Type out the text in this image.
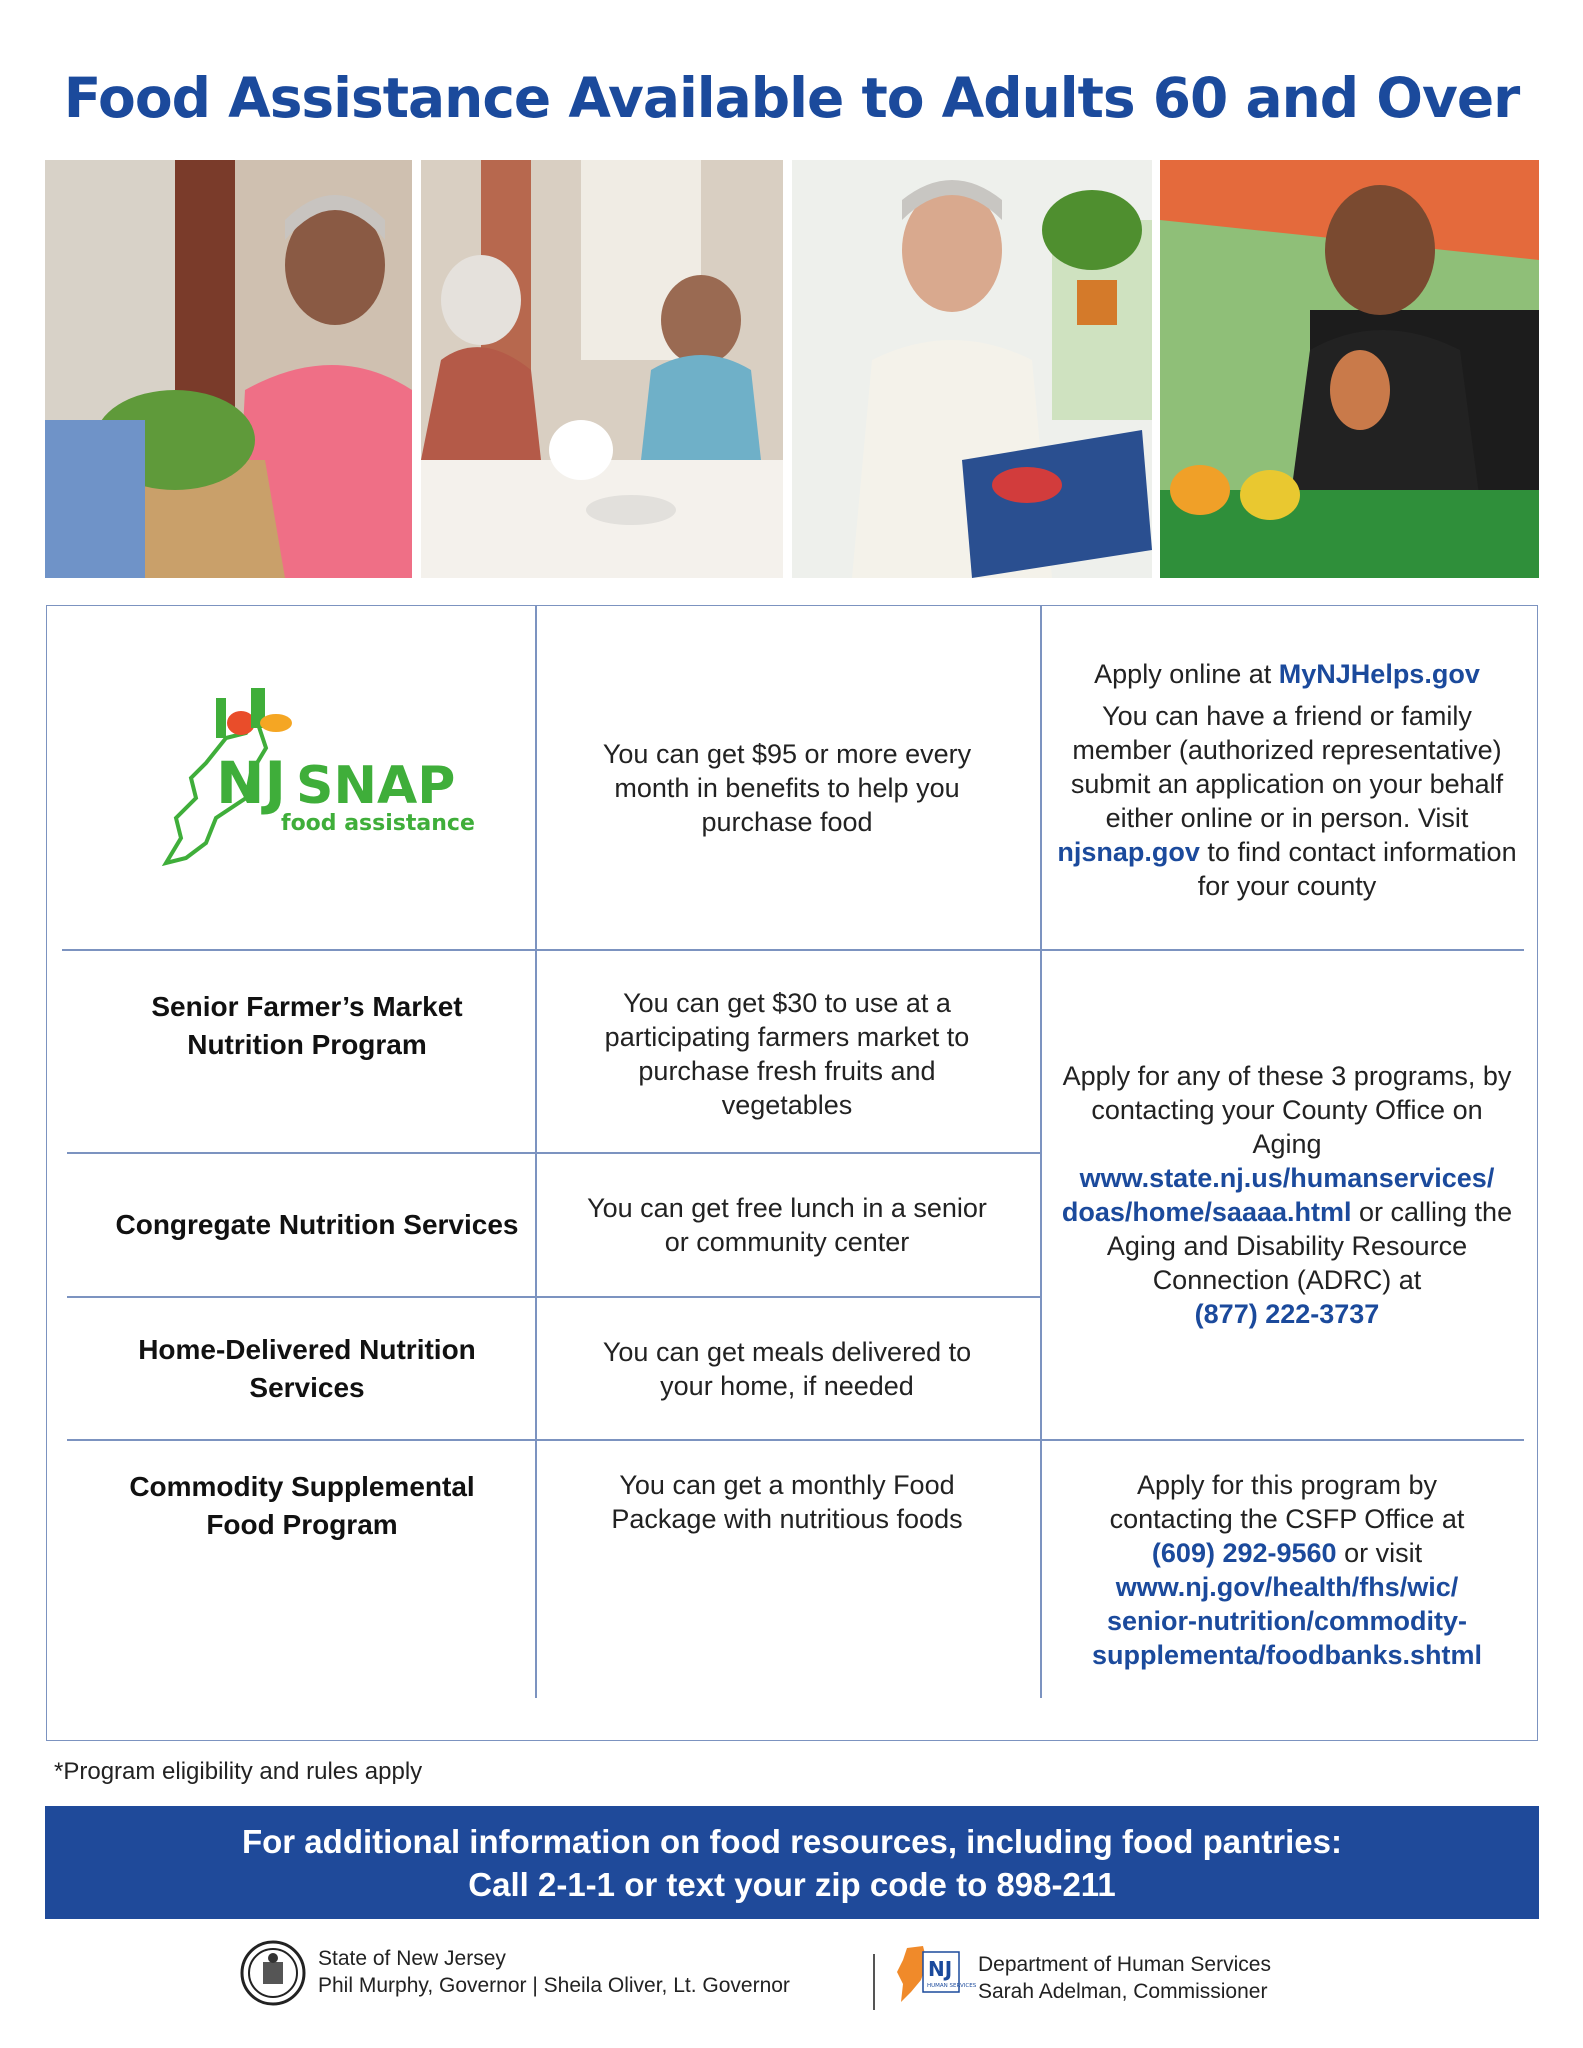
Food Assistance Available to Adults 60 and Over
NJ SNAP
food assistance
You can get $95 or more every month in benefits to help you purchase food

Apply online at MyNJHelps.gov

You can have a friend or family member (authorized representative) submit an application on your behalf either online or in person. Visit njsnap.gov to find contact information for your county

Senior Farmer’s Market Nutrition Program
You can get $30 to use at a participating farmers market to purchase fresh fruits and vegetables
Apply for any of these 3 programs, by contacting your County Office on Aging www.state.nj.us/humanservices/ doas/home/saaaa.html or calling the Aging and Disability Resource Connection (ADRC) at
(877) 222-3737
Congregate Nutrition Services
You can get free lunch in a senior or community center
Home-Delivered Nutrition Services
You can get meals delivered to your home, if needed
Commodity Supplemental Food Program
You can get a monthly Food Package with nutritious foods
Apply for this program by contacting the CSFP Office at (609) 292-9560 or visit www.nj.gov/health/fhs/wic/ senior-nutrition/commodity- supplementa/foodbanks.shtml
*Program eligibility and rules apply
For additional information on food resources, including food pantries:
Call 2-1-1 or text your zip code to 898-211
State of New Jersey
Phil Murphy, Governor | Sheila Oliver, Lt. Governor
NJ
HUMAN SERVICES
Department of Human Services
Sarah Adelman, Commissioner
